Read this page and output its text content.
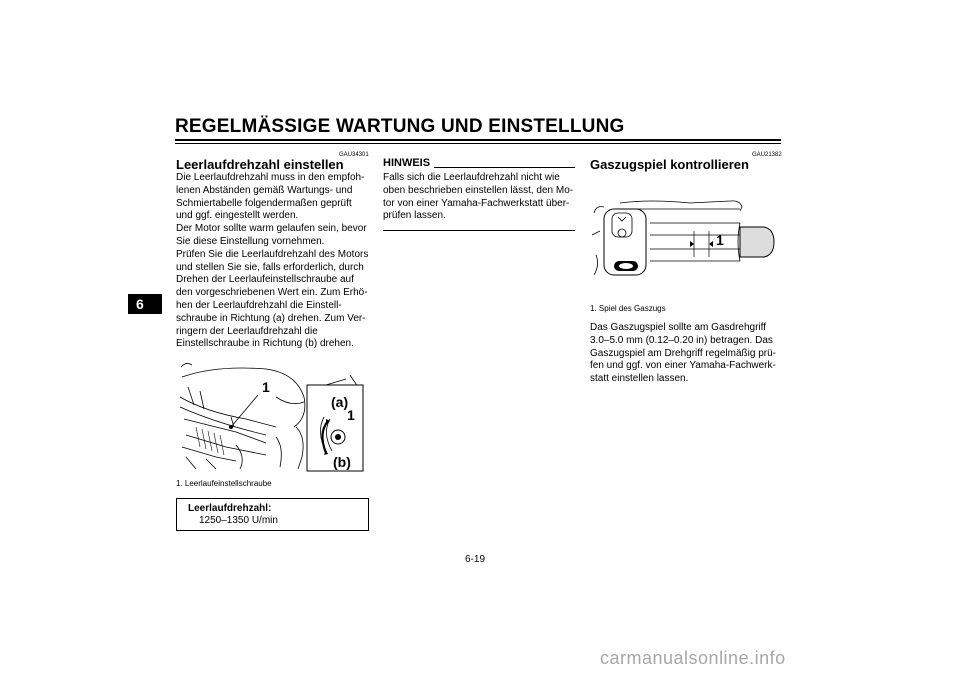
REGELMÄSSIGE WARTUNG UND EINSTELLUNG
6
GAU34301
Leerlaufdrehzahl einstellen

Die Leerlaufdrehzahl muss in den empfoh-

lenen Abständen gemäß Wartungs- und

Schmiertabelle folgendermaßen geprüft

und ggf. eingestellt werden.

Der Motor sollte warm gelaufen sein, bevor

Sie diese Einstellung vornehmen.

Prüfen Sie die Leerlaufdrehzahl des Motors

und stellen Sie sie, falls erforderlich, durch

Drehen der Leerlaufeinstellschraube auf

den vorgeschriebenen Wert ein. Zum Erhö-

hen der Leerlaufdrehzahl die Einstell-

schraube in Richtung (a) drehen. Zum Ver-

ringern der Leerlaufdrehzahl die

Einstellschraube in Richtung (b) drehen.

1
(a)
1
(b)
1. Leerlaufeinstellschraube
Leerlaufdrehzahl:
1250–1350 U/min
HINWEIS

Falls sich die Leerlaufdrehzahl nicht wie

oben beschrieben einstellen lässt, den Mo-

tor von einer Yamaha-Fachwerkstatt über-

prüfen lassen.

GAU21382
Gaszugspiel kontrollieren
1
1. Spiel des Gaszugs

Das Gaszugspiel sollte am Gasdrehgriff

3.0–5.0 mm (0.12–0.20 in) betragen. Das

Gaszugspiel am Drehgriff regelmäßig prü-

fen und ggf. von einer Yamaha-Fachwerk-

statt einstellen lassen.

6-19
carmanualsonline.info
